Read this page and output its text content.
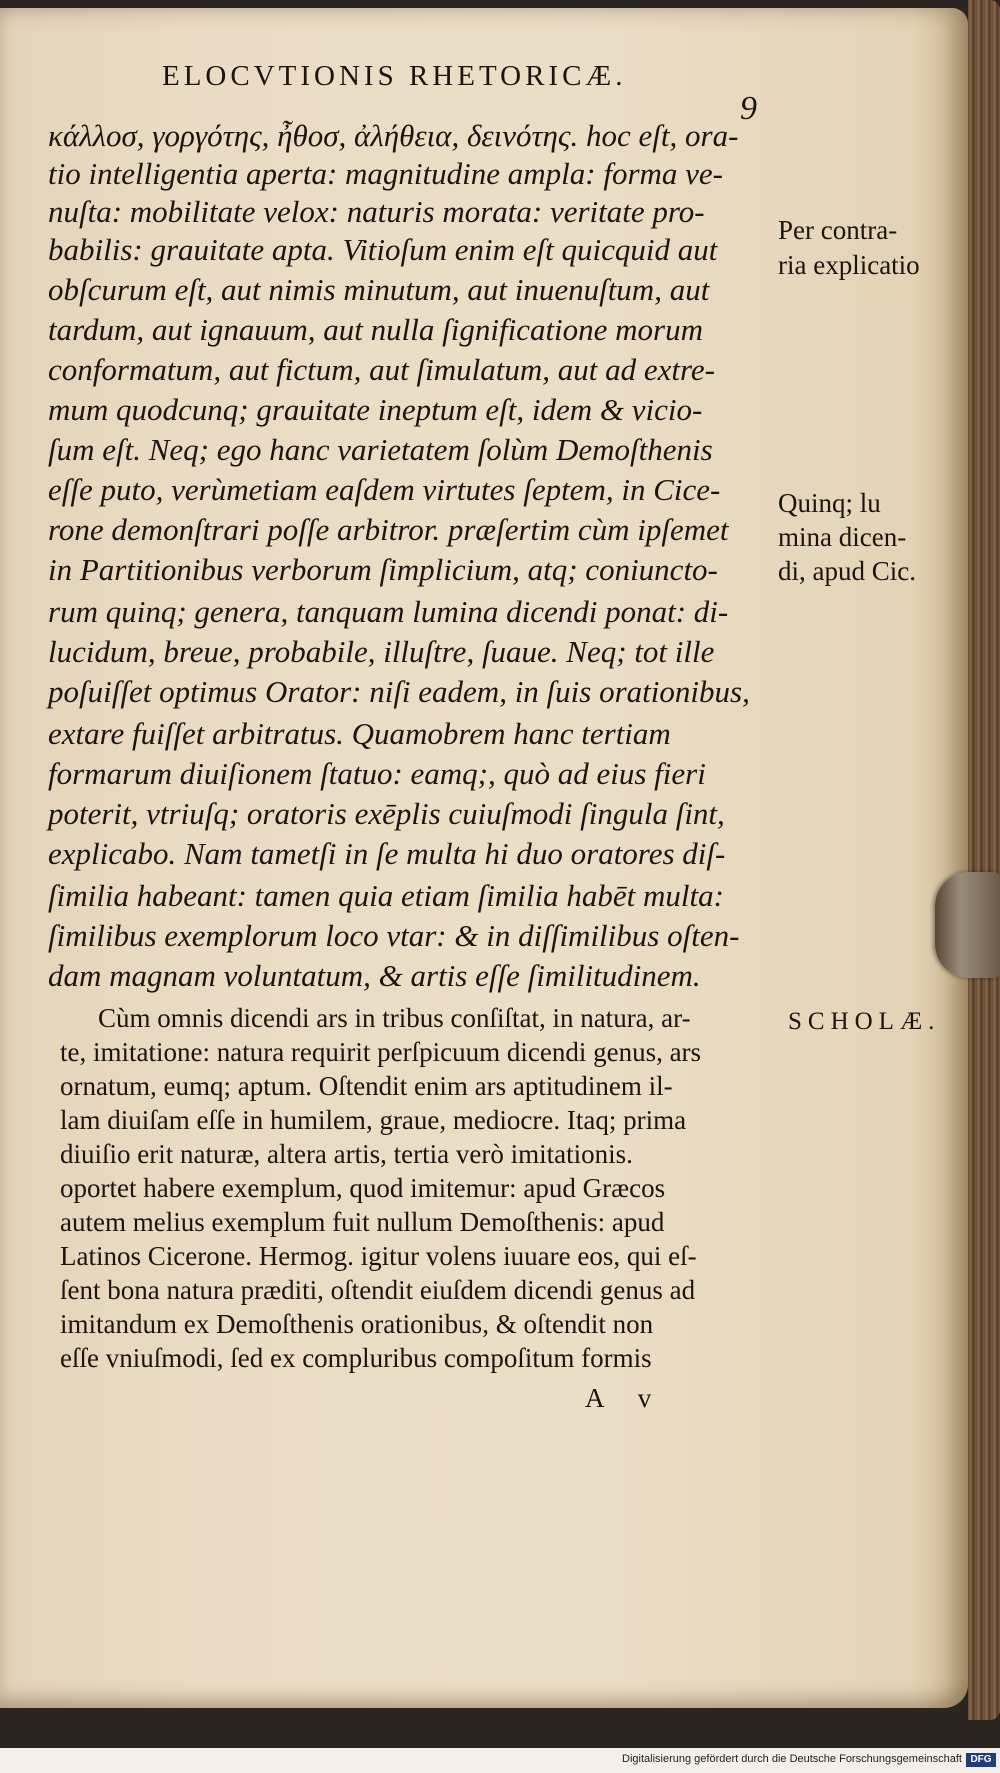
ELOCVTIONIS RHETORICÆ.
9
κάλλοσ, γοργότης, ἦθοσ, ἀλήθεια, δεινότης. hoc eſt, ora-
tio intelligentia aperta: magnitudine ampla: forma ve-
nuſta: mobilitate velox: naturis morata: veritate pro-
babilis: grauitate apta. Vitioſum enim eſt quicquid aut
obſcurum eſt, aut nimis minutum, aut inuenuſtum, aut
tardum, aut ignauum, aut nulla ſignificatione morum
conformatum, aut fictum, aut ſimulatum, aut ad extre-
mum quodcunq; grauitate ineptum eſt, idem & vicio-
ſum eſt. Neq; ego hanc varietatem ſolùm Demoſthenis
eſſe puto, verùmetiam eaſdem virtutes ſeptem, in Cice-
rone demonſtrari poſſe arbitror. præſertim cùm ipſemet
in Partitionibus verborum ſimplicium, atq; coniuncto-
rum quinq; genera, tanquam lumina dicendi ponat: di-
lucidum, breue, probabile, illuſtre, ſuaue. Neq; tot ille
poſuiſſet optimus Orator: niſi eadem, in ſuis orationibus,
extare fuiſſet arbitratus. Quamobrem hanc tertiam
formarum diuiſionem ſtatuo: eamq;, quò ad eius fieri
poterit, vtriuſq; oratoris exēplis cuiuſmodi ſingula ſint,
explicabo. Nam tametſi in ſe multa hi duo oratores diſ-
ſimilia habeant: tamen quia etiam ſimilia habēt multa:
ſimilibus exemplorum loco vtar: & in diſſimilibus oſten-
dam magnam voluntatum, & artis eſſe ſimilitudinem.
Per contra-
ria explicatio
Quinq; lu
mina dicen-
di, apud Cic.
SCHOLÆ.
Cùm omnis dicendi ars in tribus conſiſtat, in natura, ar-
te, imitatione: natura requirit perſpicuum dicendi genus, ars
ornatum, eumq; aptum. Oſtendit enim ars aptitudinem il-
lam diuiſam eſſe in humilem, graue, mediocre. Itaq; prima
diuiſio erit naturæ, altera artis, tertia verò imitationis.
oportet habere exemplum, quod imitemur: apud Græcos
autem melius exemplum fuit nullum Demoſthenis: apud
Latinos Cicerone. Hermog. igitur volens iuuare eos, qui eſ-
ſent bona natura præditi, oſtendit eiuſdem dicendi genus ad
imitandum ex Demoſthenis orationibus, & oſtendit non
eſſe vniuſmodi, ſed ex compluribus compoſitum formis
A v
Digitalisierung gefördert durch die Deutsche Forschungsgemeinschaft DFG
